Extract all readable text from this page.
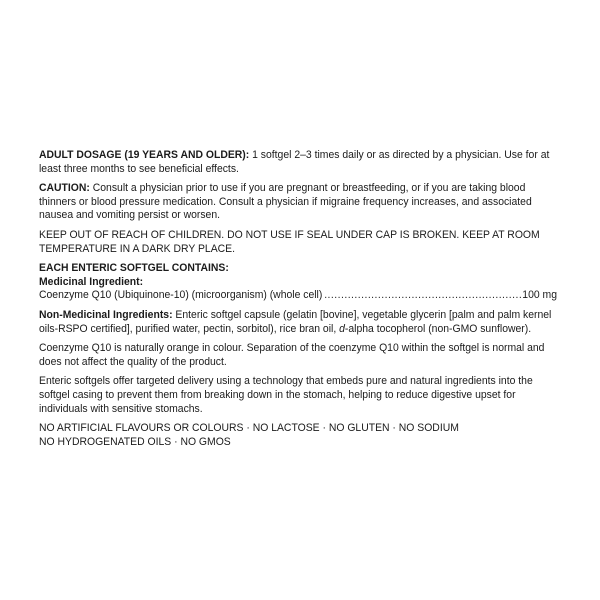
ADULT DOSAGE (19 YEARS AND OLDER): 1 softgel 2–3 times daily or as directed by a physician. Use for at least three months to see beneficial effects.

CAUTION: Consult a physician prior to use if you are pregnant or breastfeeding, or if you are taking blood thinners or blood pressure medication. Consult a physician if migraine frequency increases, and associated nausea and vomiting persist or worsen.

KEEP OUT OF REACH OF CHILDREN. DO NOT USE IF SEAL UNDER CAP IS BROKEN. KEEP AT ROOM TEMPERATURE IN A DARK DRY PLACE.

EACH ENTERIC SOFTGEL CONTAINS:

Medicinal Ingredient:

Coenzyme Q10 (Ubiquinone-10) (microorganism) (whole cell)
.....	100 mg

Non-Medicinal Ingredients: Enteric softgel capsule (gelatin [bovine], vegetable glycerin [palm and palm kernel oils-RSPO certified], purified water, pectin, sorbitol), rice bran oil, d-alpha tocopherol (non-GMO sunflower).

Coenzyme Q10 is naturally orange in colour. Separation of the coenzyme Q10 within the softgel is normal and does not affect the quality of the product.

Enteric softgels offer targeted delivery using a technology that embeds pure and natural ingredients into the softgel casing to prevent them from breaking down in the stomach, helping to reduce digestive upset for individuals with sensitive stomachs.

NO ARTIFICIAL FLAVOURS OR COLOURS · NO LACTOSE · NO GLUTEN · NO SODIUM

NO HYDROGENATED OILS · NO GMOS
